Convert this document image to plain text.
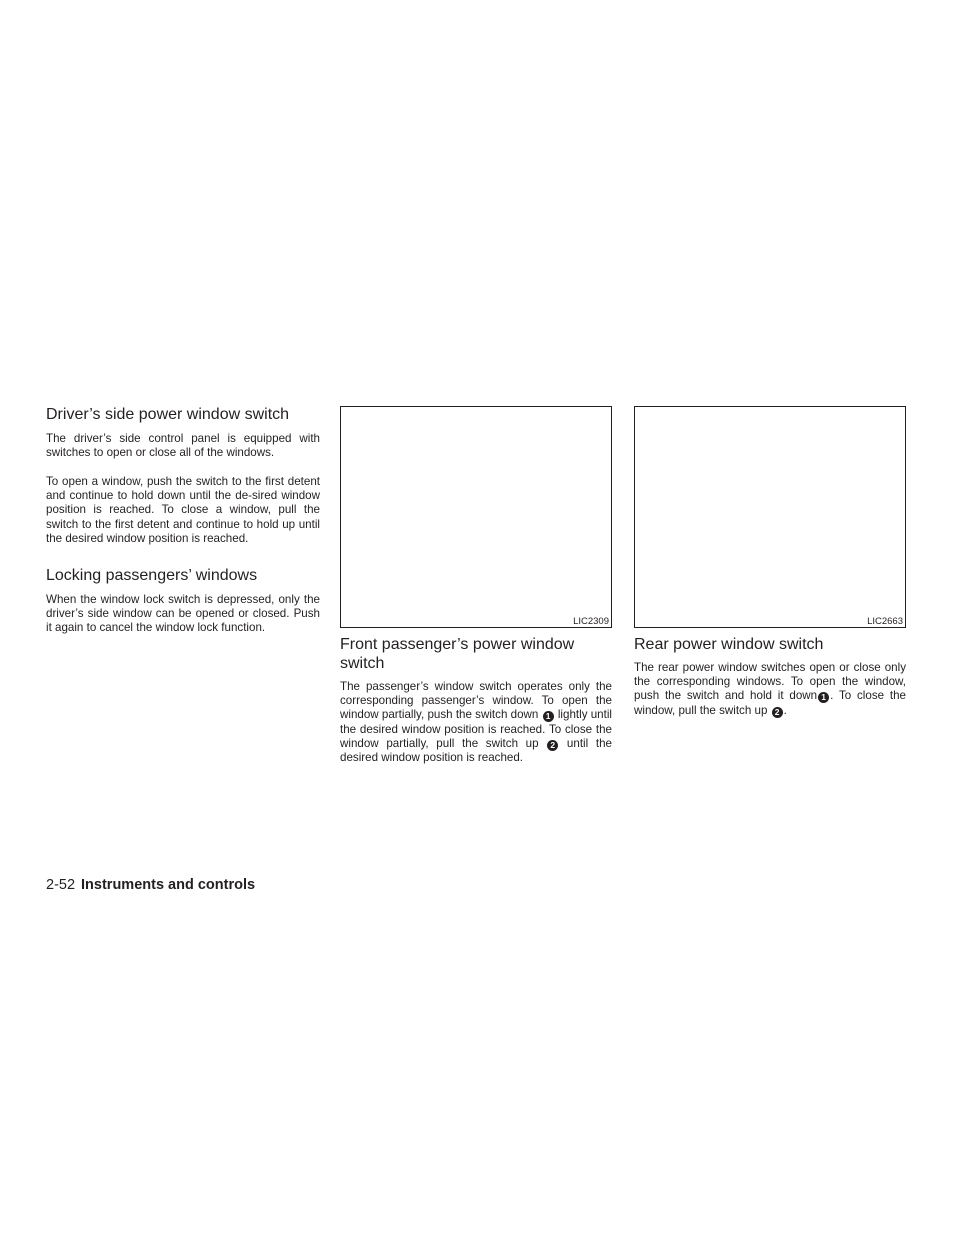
Driver’s side power window switch

The driver’s side control panel is equipped with switches to open or close all of the windows.

To open a window, push the switch to the first detent and continue to hold down until the de-sired window position is reached. To close a window, pull the switch to the first detent and continue to hold up until the desired window position is reached.

Locking passengers’ windows

When the window lock switch is depressed, only the driver’s side window can be opened or closed. Push it again to cancel the window lock function.	LIC2309
Front passenger’s power window switch

The passenger’s window switch operates only the corresponding passenger’s window. To open the window partially, push the switch down 1 lightly until the desired window position is reached. To close the window partially, pull the switch up 2 until the desired window position is reached.

LIC2663
Rear power window switch

The rear power window switches open or close only the corresponding windows. To open the window, push the switch and hold it down 1 . To close the window, pull the switch up 2 .

2-52 Instruments and controls
